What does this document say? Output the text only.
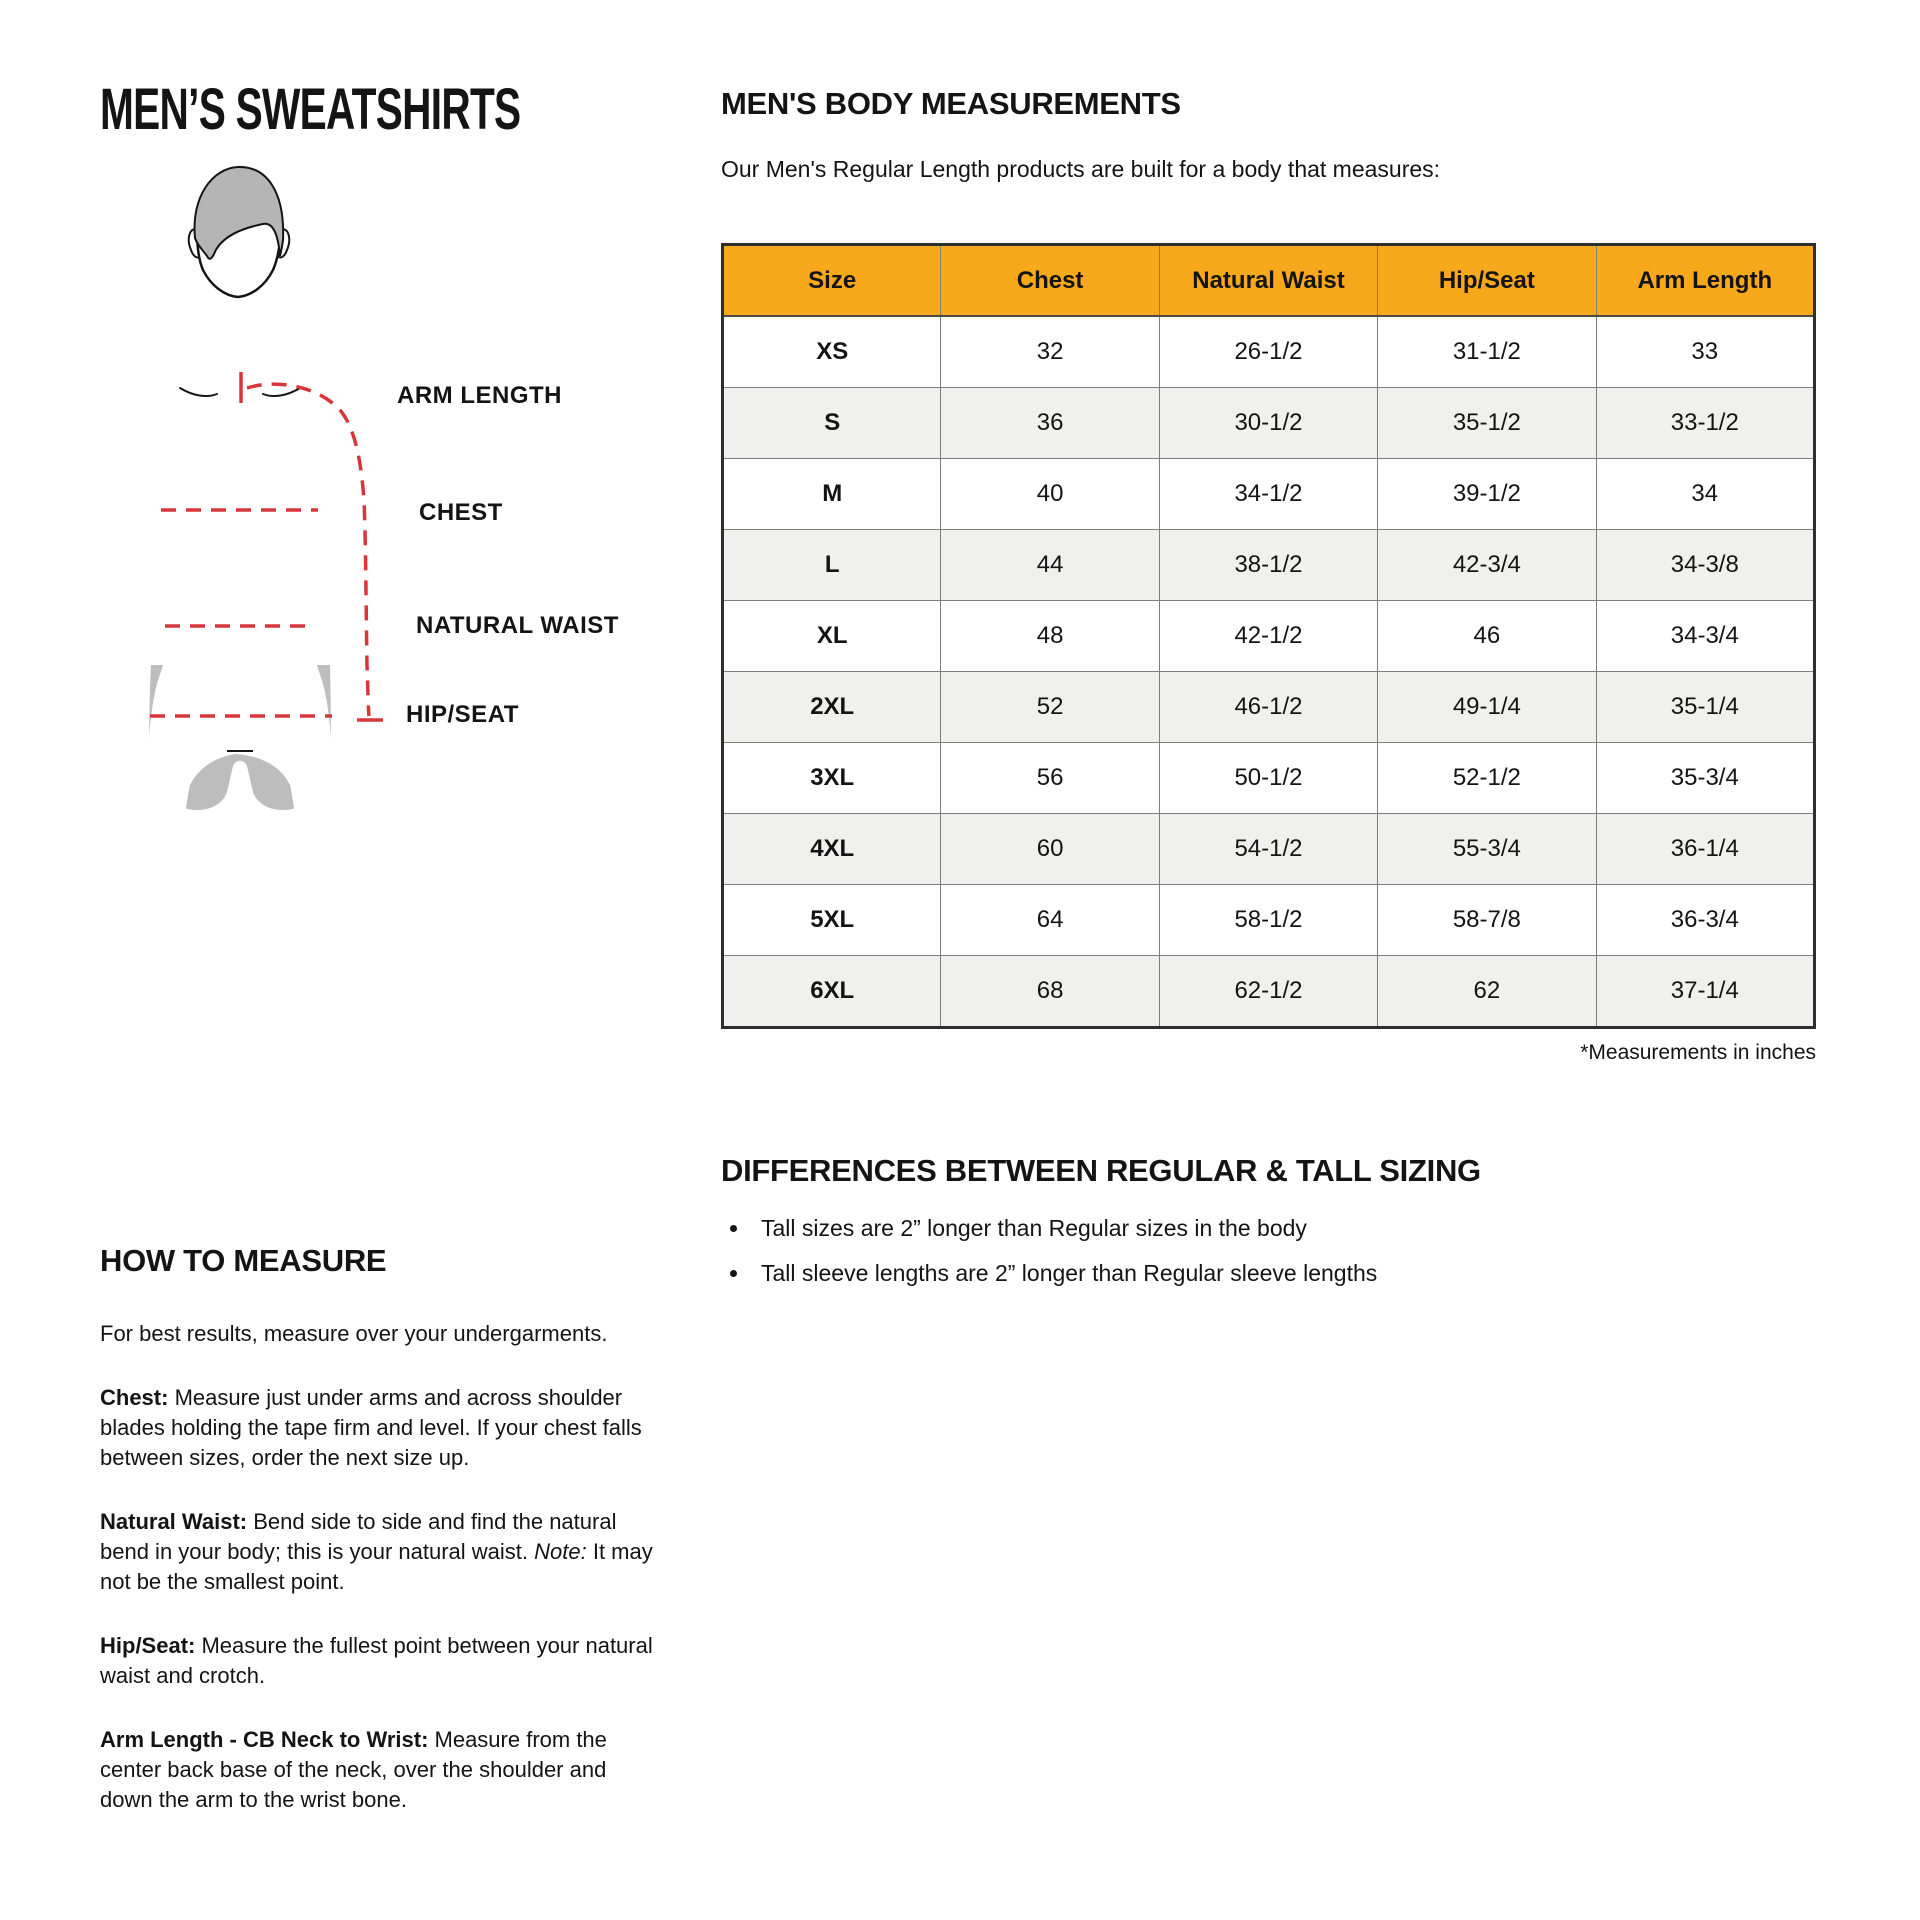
MEN’S SWEATSHIRTS
ARM LENGTH
CHEST
NATURAL WAIST
HIP/SEAT
HOW TO MEASURE

For best results, measure over your undergarments.

Chest: Measure just under arms and across shoulder blades holding the tape firm and level. If your chest falls between sizes, order the next size up.

Natural Waist: Bend side to side and find the natural bend in your body; this is your natural waist. Note: It may not be the smallest point.

Hip/Seat: Measure the fullest point between your natural waist and crotch.

Arm Length - CB Neck to Wrist: Measure from the center back base of the neck, over the shoulder and down the arm to the wrist bone.

MEN'S BODY MEASUREMENTS

Our Men's Regular Length products are built for a body that measures:

Size	Chest	Natural Waist	Hip/Seat	Arm Length
XS	32	26-1/2	31-1/2	33
S	36	30-1/2	35-1/2	33-1/2
M	40	34-1/2	39-1/2	34
L	44	38-1/2	42-3/4	34-3/8
XL	48	42-1/2	46	34-3/4
2XL	52	46-1/2	49-1/4	35-1/4
3XL	56	50-1/2	52-1/2	35-3/4
4XL	60	54-1/2	55-3/4	36-1/4
5XL	64	58-1/2	58-7/8	36-3/4
6XL	68	62-1/2	62	37-1/4
*Measurements in inches
DIFFERENCES BETWEEN REGULAR & TALL SIZING
• Tall sizes are 2” longer than Regular sizes in the body
• Tall sleeve lengths are 2” longer than Regular sleeve lengths
